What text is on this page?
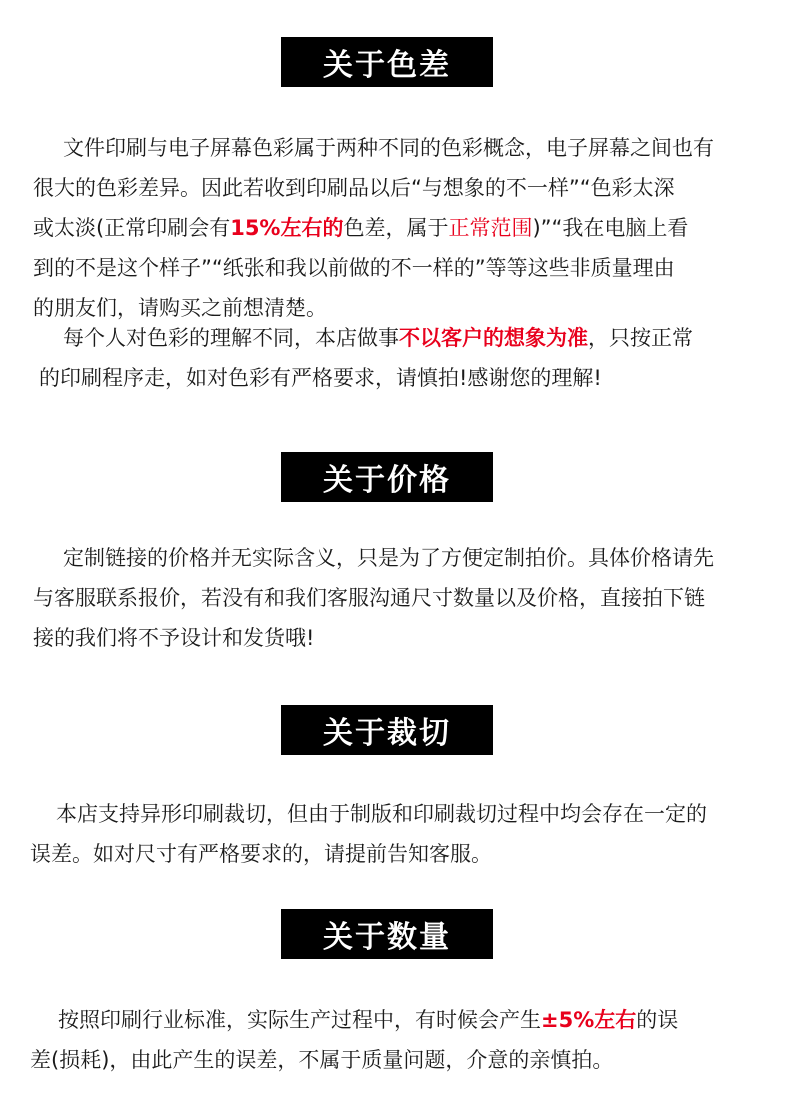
关于色差
文件印刷与电子屏幕色彩属于两种不同的色彩概念，电子屏幕之间也有
很大的色彩差异。因此若收到印刷品以后“与想象的不一样”“色彩太深
或太淡(正常印刷会有15%左右的色差，属于正常范围)”“我在电脑上看
到的不是这个样子”“纸张和我以前做的不一样的”等等这些非质量理由
的朋友们，请购买之前想清楚。
每个人对色彩的理解不同，本店做事不以客户的想象为准，只按正常
的印刷程序走，如对色彩有严格要求，请慎拍!感谢您的理解!
关于价格
定制链接的价格并无实际含义，只是为了方便定制拍价。具体价格请先
与客服联系报价，若没有和我们客服沟通尺寸数量以及价格，直接拍下链
接的我们将不予设计和发货哦!
关于裁切
本店支持异形印刷裁切，但由于制版和印刷裁切过程中均会存在一定的
误差。如对尺寸有严格要求的，请提前告知客服。
关于数量
按照印刷行业标准，实际生产过程中，有时候会产生±5%左右的误
差(损耗)，由此产生的误差，不属于质量问题，介意的亲慎拍。
